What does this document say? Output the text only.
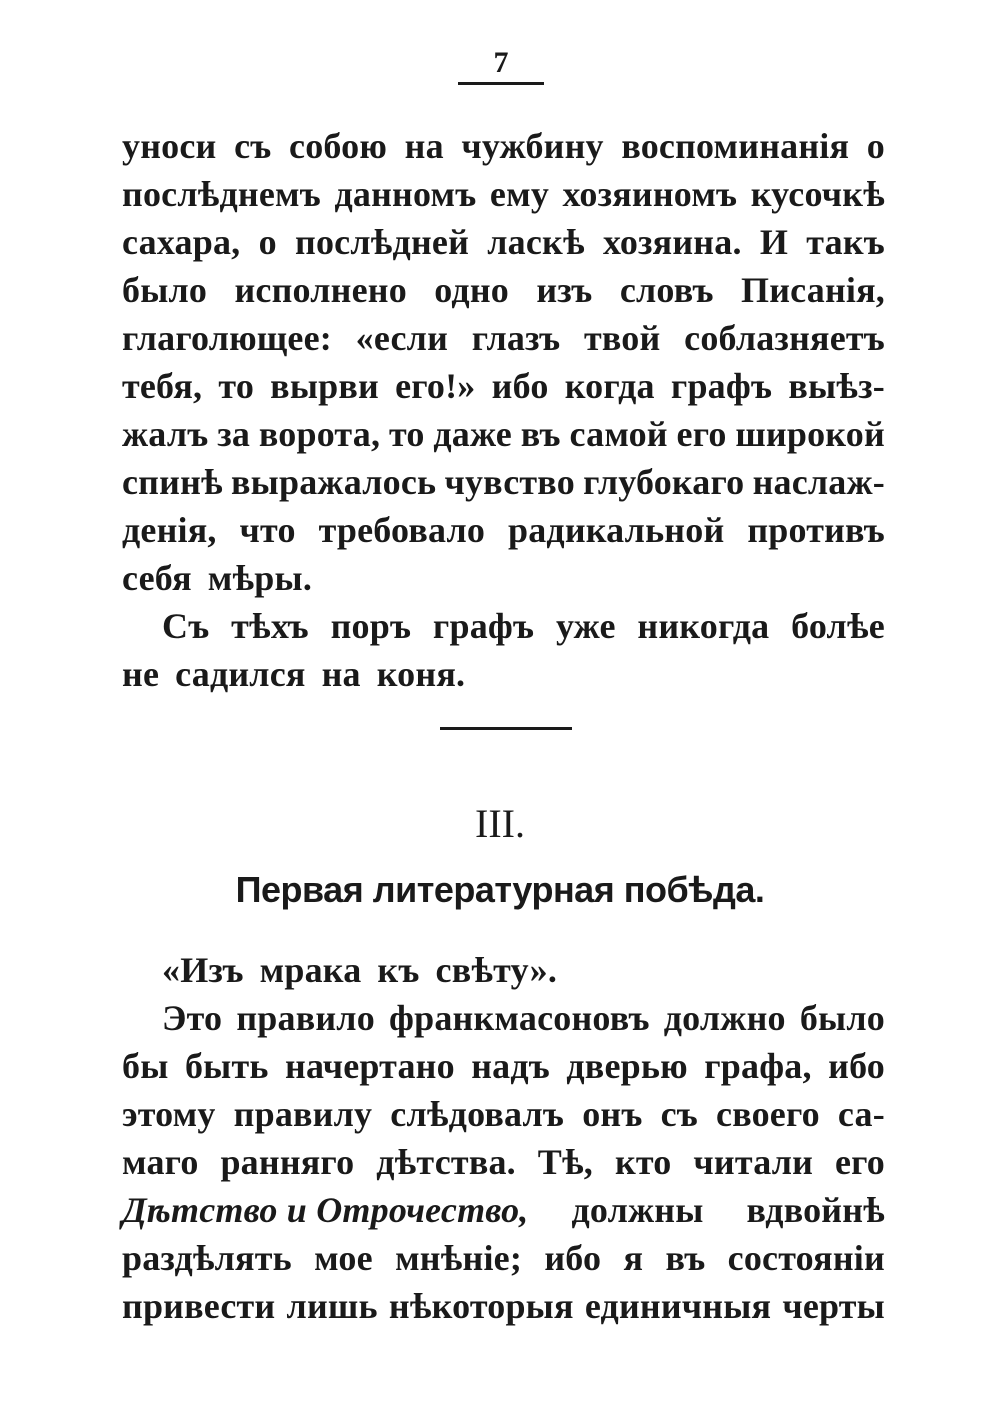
7
уноси съ собою на чужбину воспоминанія о
послѣднемъ данномъ ему хозяиномъ кусочкѣ
сахара, о послѣдней ласкѣ хозяина. И такъ
было исполнено одно изъ словъ Писанія,
глаголющее: «если глазъ твой соблазняетъ
тебя, то вырви его!» ибо когда графъ выѣз-
жалъ за ворота, то даже въ самой его широкой
спинѣ выражалось чувство глубокаго наслаж-
денія, что требовало радикальной противъ
себя мѣры.
Съ тѣхъ поръ графъ уже никогда болѣе
не садился на коня.
III.
Первая литературная побѣда.
«Изъ мрака къ свѣту».
Это правило франкмасоновъ должно было
бы быть начертано надъ дверью графа, ибо
этому правилу слѣдовалъ онъ съ своего са-
маго ранняго дѣтства. Тѣ, кто читали его
Дѣтство и Отрочество, должны вдвойнѣ
раздѣлять мое мнѣніе; ибо я въ состояніи
привести лишь нѣкоторыя единичныя черты
